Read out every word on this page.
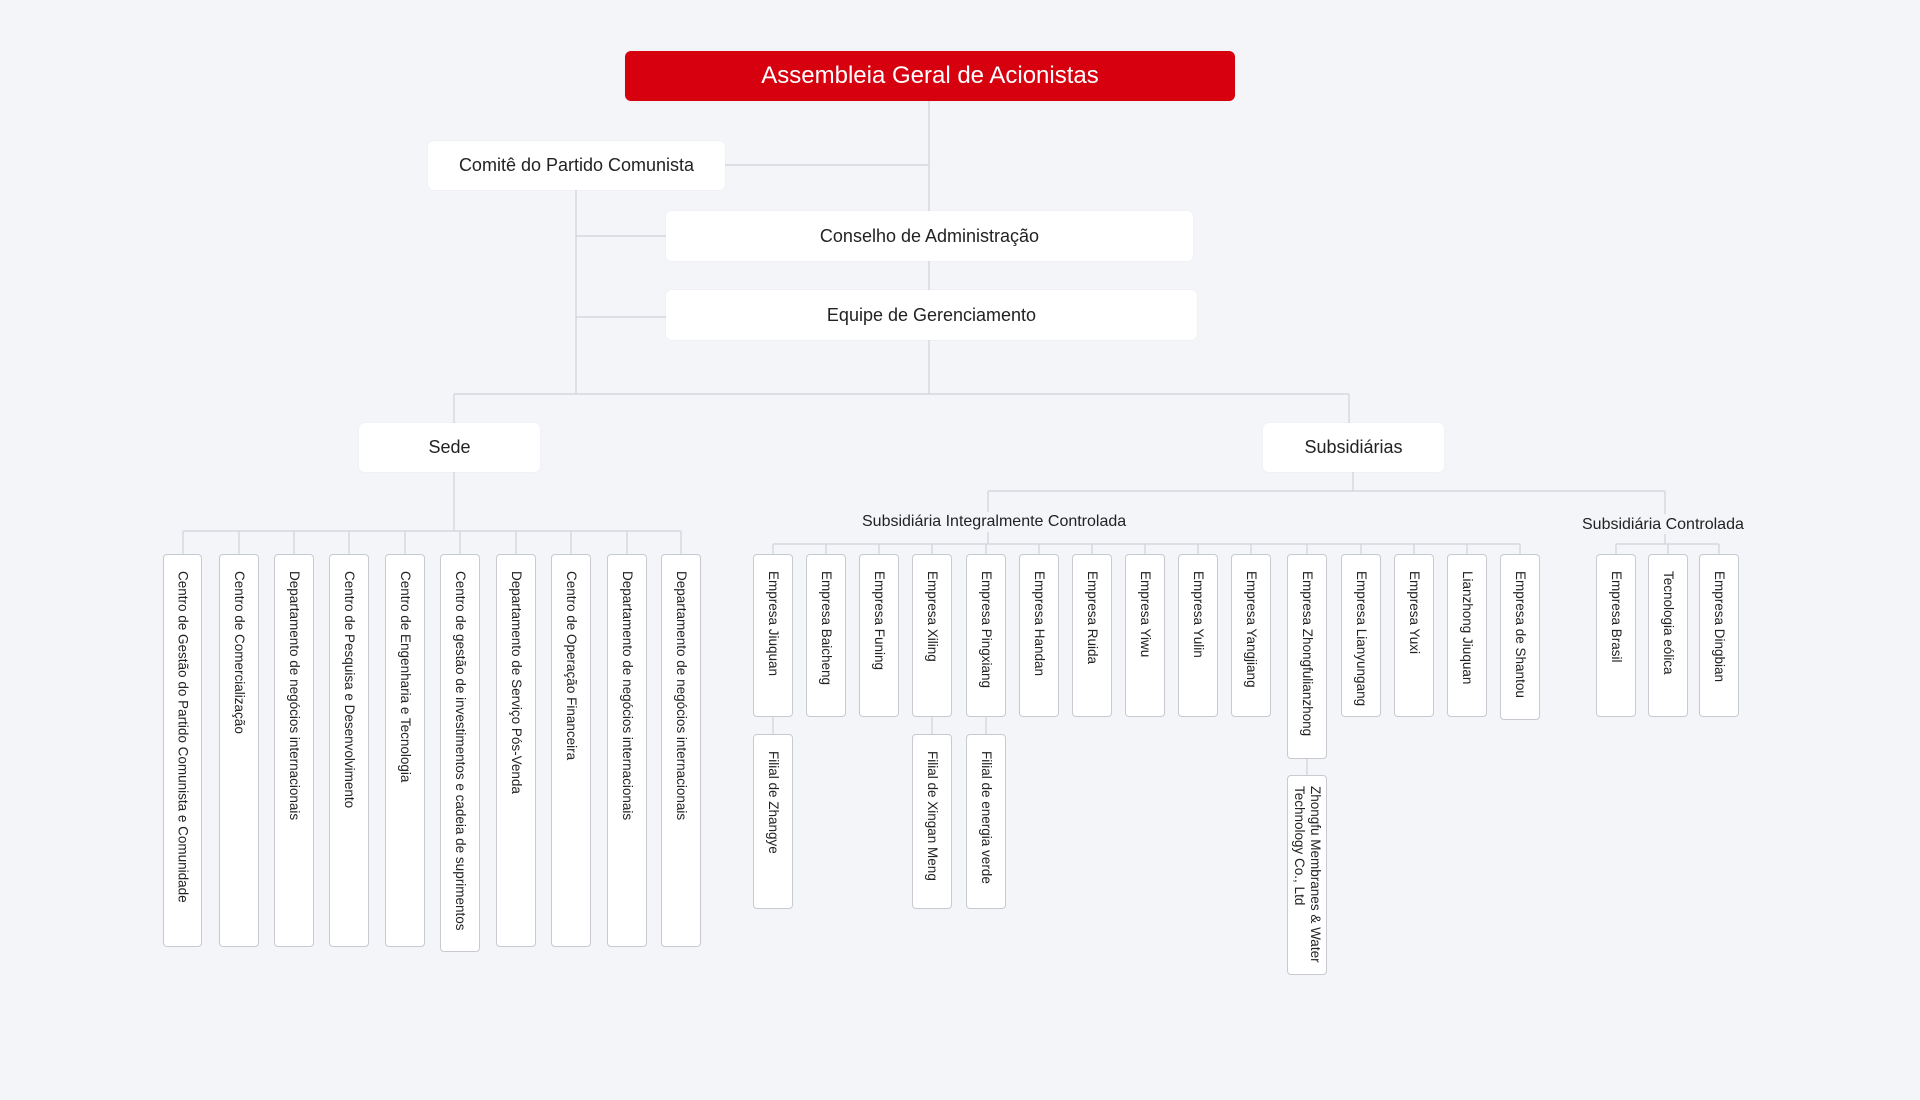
Assembleia Geral de Acionistas
Comitê do Partido Comunista
Conselho de Administração
Equipe de Gerenciamento
Sede	Subsidiárias
Subsidiária Integralmente Controlada	Subsidiária Controlada
Centro de Gestão do Partido Comunista e Comunidade	Centro de Comercialização	Departamento de negócios internacionais	Centro de Pesquisa e Desenvolvimento	Centro de Engenharia e Tecnologia	Centro de gestão de investimentos e cadeia de suprimentos	Departamento de Serviço Pós-Venda	Centro de Operação Financeira	Departamento de negócios internacionais	Departamento de negócios internacionais	Empresa Jiuquan	Empresa Baicheng	Empresa Funing	Empresa Xiling	Empresa Pingxiang	Empresa Handan	Empresa Ruida	Empresa Yiwu	Empresa Yulin	Empresa Yangjiang	Empresa Zhongfulianzhong	Empresa Lianyungang	Empresa Yuxi	Lianzhong Jiuquan	Empresa de Shantou
Filial de Zhangye	Filial de Xingan Meng	Filial de energia verde	Zhongfu Membranes & Water Technology Co., Ltd
Empresa Brasil	Tecnologia eólica	Empresa Dingbian
